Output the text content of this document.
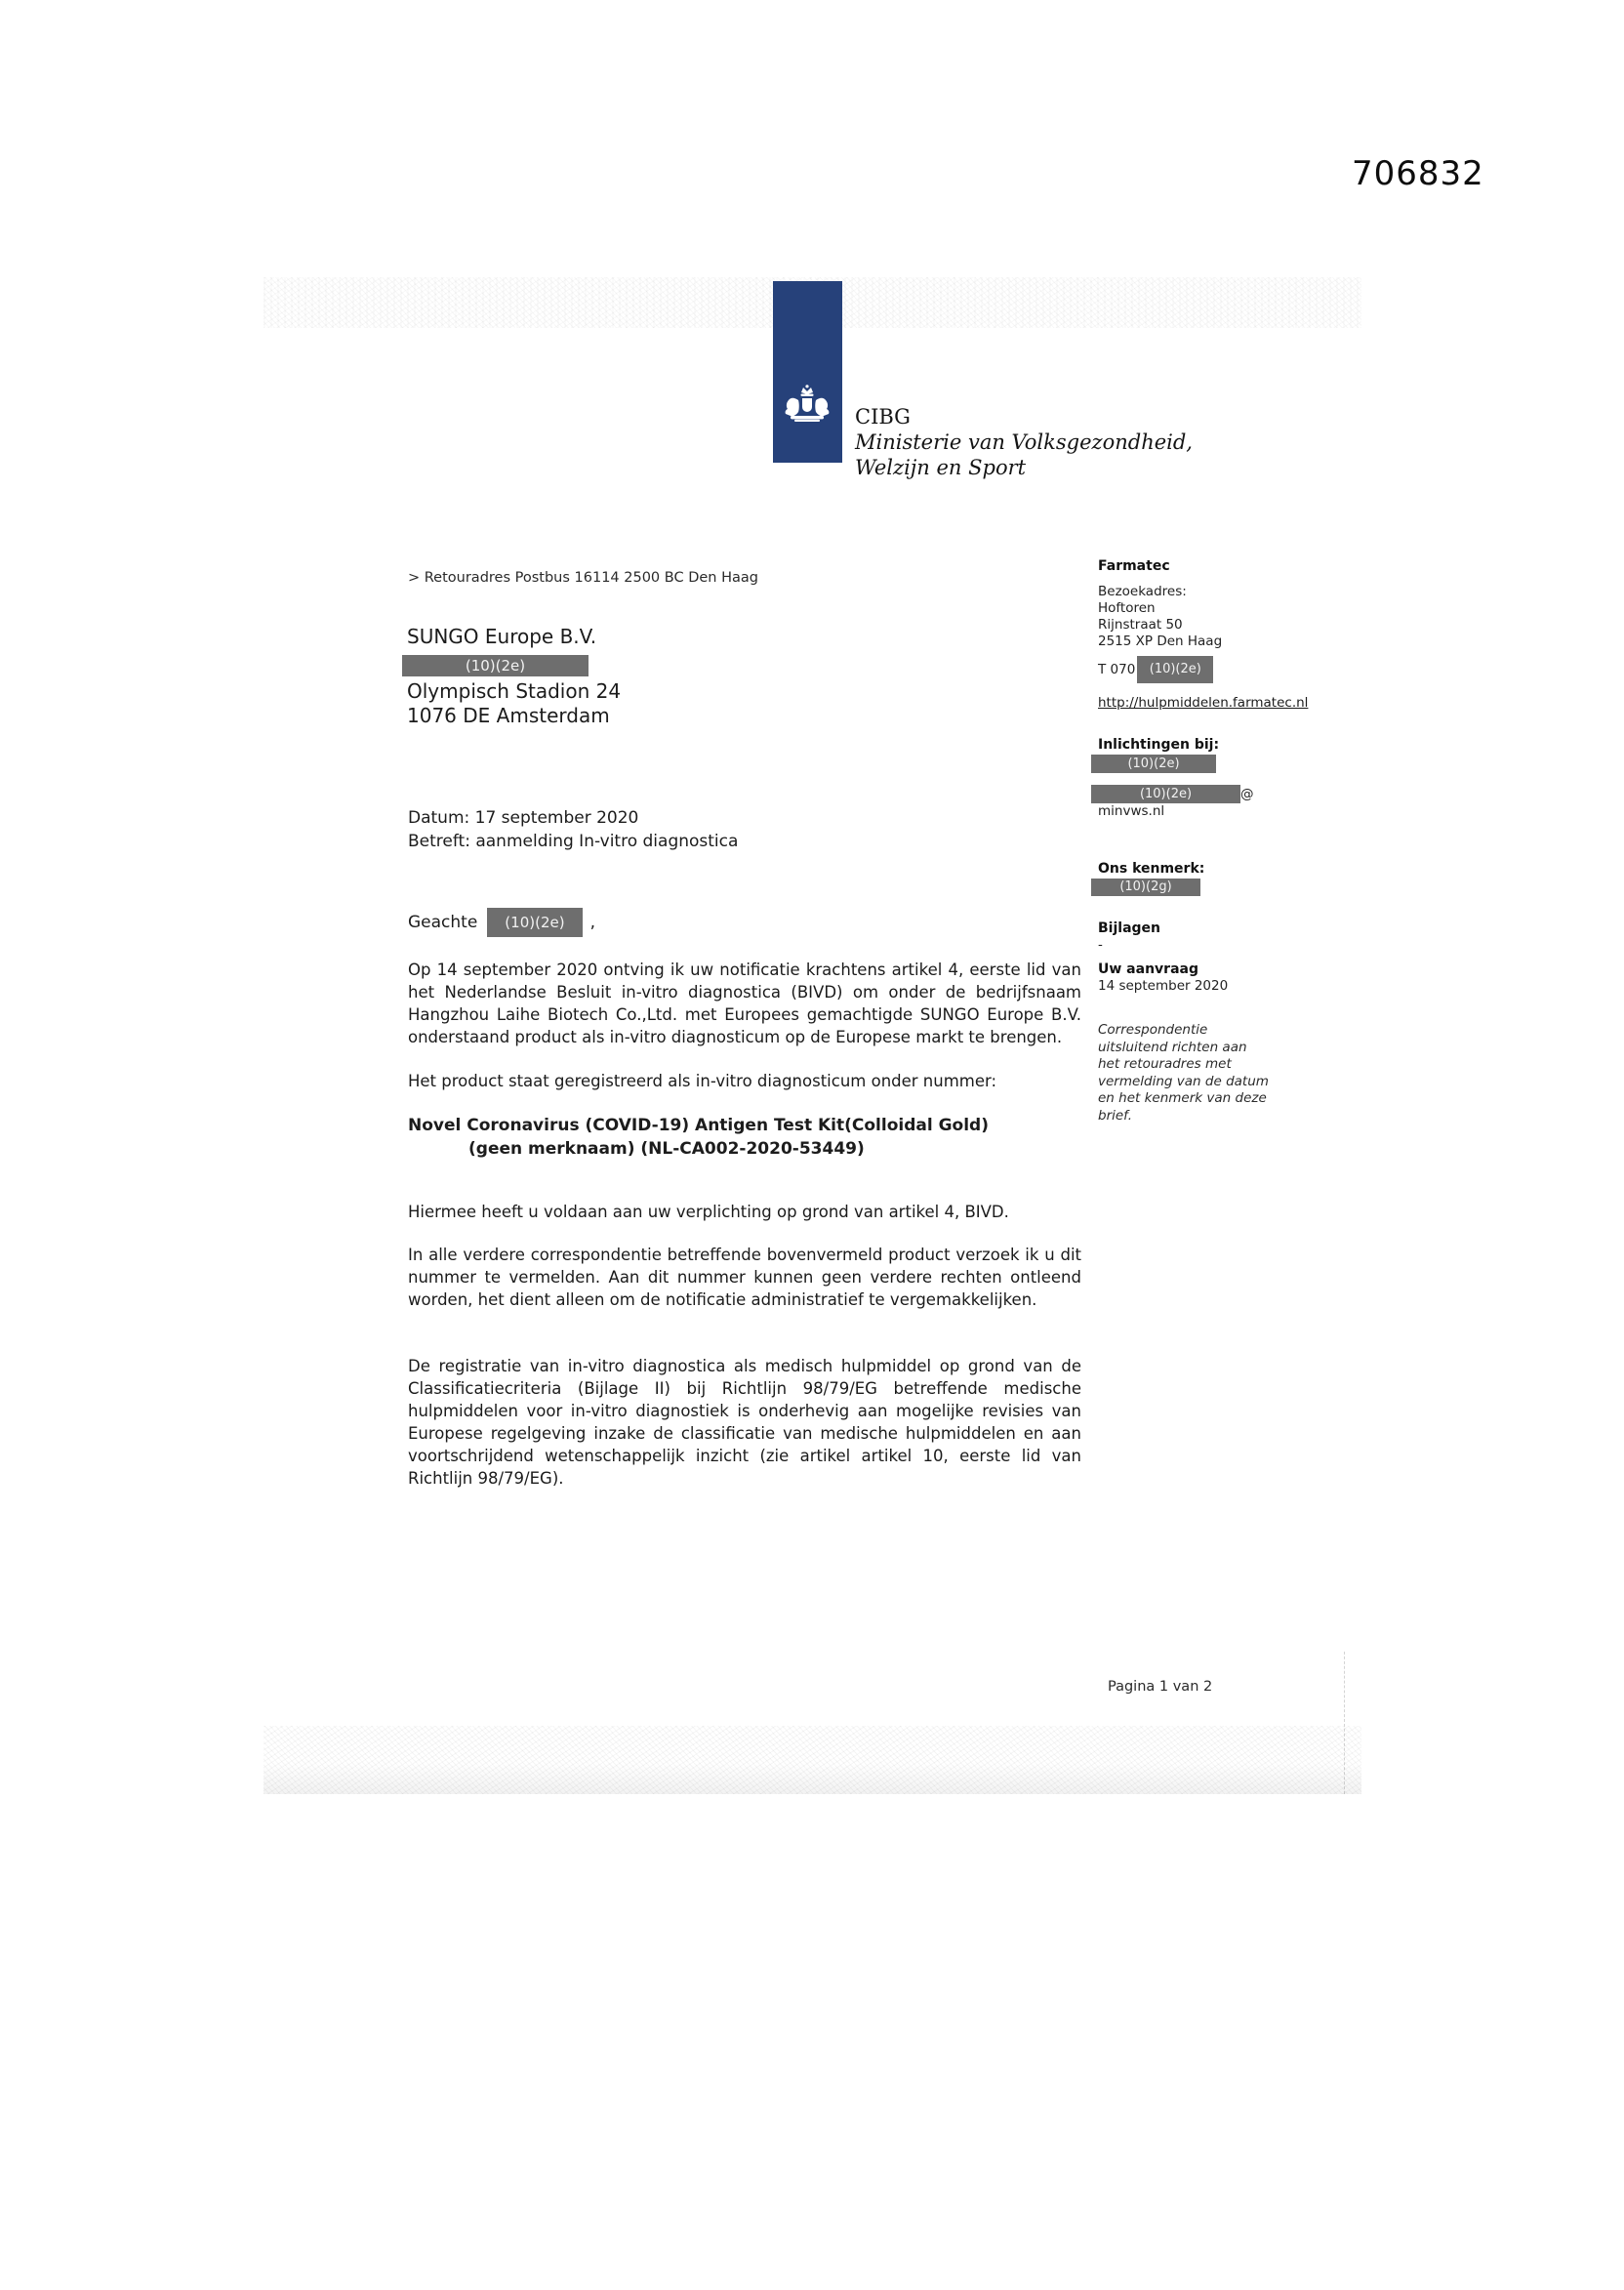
706832
CIBG
Ministerie van Volksgezondheid,
Welzijn en Sport
> Retouradres Postbus 16114 2500 BC Den Haag
SUNGO Europe B.V.
(10)(2e)
Olympisch Stadion 24
1076 DE Amsterdam
Datum: 17 september 2020
Betreft: aanmelding In-vitro diagnostica
Geachte (10)(2e) ,
Op 14 september 2020 ontving ik uw notificatie krachtens artikel 4, eerste lid van het Nederlandse Besluit in-vitro diagnostica (BIVD) om onder de bedrijfsnaam Hangzhou Laihe Biotech Co.,Ltd. met Europees gemachtigde SUNGO Europe B.V. onderstaand product als in-vitro diagnosticum op de Europese markt te brengen.
Het product staat geregistreerd als in-vitro diagnosticum onder nummer:
Novel Coronavirus (COVID-19) Antigen Test Kit(Colloidal Gold)
(geen merknaam) (NL-CA002-2020-53449)
Hiermee heeft u voldaan aan uw verplichting op grond van artikel 4, BIVD.
In alle verdere correspondentie betreffende bovenvermeld product verzoek ik u dit nummer te vermelden. Aan dit nummer kunnen geen verdere rechten ontleend worden, het dient alleen om de notificatie administratief te vergemakkelijken.
De registratie van in-vitro diagnostica als medisch hulpmiddel op grond van de Classificatiecriteria (Bijlage II) bij Richtlijn 98/79/EG betreffende medische hulpmiddelen voor in-vitro diagnostiek is onderhevig aan mogelijke revisies van Europese regelgeving inzake de classificatie van medische hulpmiddelen en aan voortschrijdend wetenschappelijk inzicht (zie artikel artikel 10, eerste lid van Richtlijn 98/79/EG).
Farmatec
Bezoekadres:
Hoftoren
Rijnstraat 50
2515 XP Den Haag
T 070 (10)(2e)
http://hulpmiddelen.farmatec.nl
Inlichtingen bij:
(10)(2e)
(10)(2e)	@
minvws.nl
Ons kenmerk:
(10)(2g)
Bijlagen
-
Uw aanvraag
14 september 2020
Correspondentie uitsluitend richten aan het retouradres met vermelding van de datum en het kenmerk van deze brief.
Pagina 1 van 2
